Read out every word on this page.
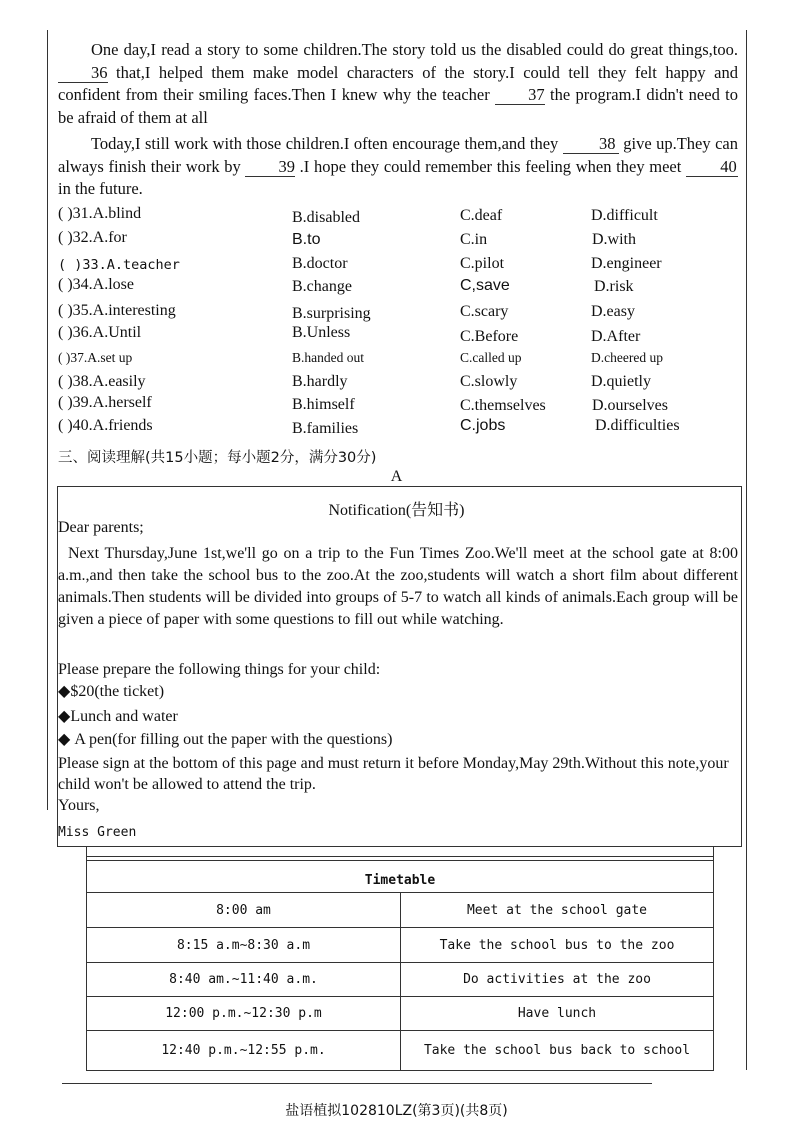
One day,I read a story to some children.The story told us the disabled could do great things,too. 36 that,I helped them make model characters of the story.I could tell they felt happy and confident from their smiling faces.Then I knew why the teacher 37 the program.I didn't need to be afraid of them at all
Today,I still work with those children.I often encourage them,and they 38 give up.They can always finish their work by 39 .I hope they could remember this feeling when they meet 40 in the future.
( )31.A.blind	B.disabled	C.deaf	D.difficult
( )32.A.for	B.to	C.in	D.with
( )33.A.teacher	B.doctor	C.pilot	D.engineer
( )34.A.lose	B.change	C,save	D.risk
( )35.A.interesting	B.surprising	C.scary	D.easy
( )36.A.Until	B.Unless	C.Before	D.After
( )37.A.set up	B.handed out	C.called up	D.cheered up
( )38.A.easily	B.hardly	C.slowly	D.quietly
( )39.A.herself	B.himself	C.themselves	D.ourselves
( )40.A.friends	B.families	C.jobs	D.difficulties
三、阅读理解(共15小题；每小题2分，满分30分)
A
Notification(告知书)
Dear parents;
Next Thursday,June 1st,we'll go on a trip to the Fun Times Zoo.We'll meet at the school gate at 8:00 a.m.,and then take the school bus to the zoo.At the zoo,students will watch a short film about different animals.Then students will be divided into groups of 5-7 to watch all kinds of animals.Each group will be given a piece of paper with some questions to fill out while watching.
Please prepare the following things for your child:
◆$20(the ticket)
◆Lunch and water
◆ A pen(for filling out the paper with the questions)
Please sign at the bottom of this page and must return it before Monday,May 29th.Without this note,your child won't be allowed to attend the trip.
Yours,
Miss Green
Timetable	
8:00 am	Meet at the school gate
8:15 a.m~8:30 a.m	Take the school bus to the zoo
8:40 am.~11:40 a.m.	Do activities at the zoo
12:00 p.m.~12:30 p.m	Have lunch
12:40 p.m.~12:55 p.m.	Take the school bus back to school
盐语植拟102810LZ(第3页)(共8页)
